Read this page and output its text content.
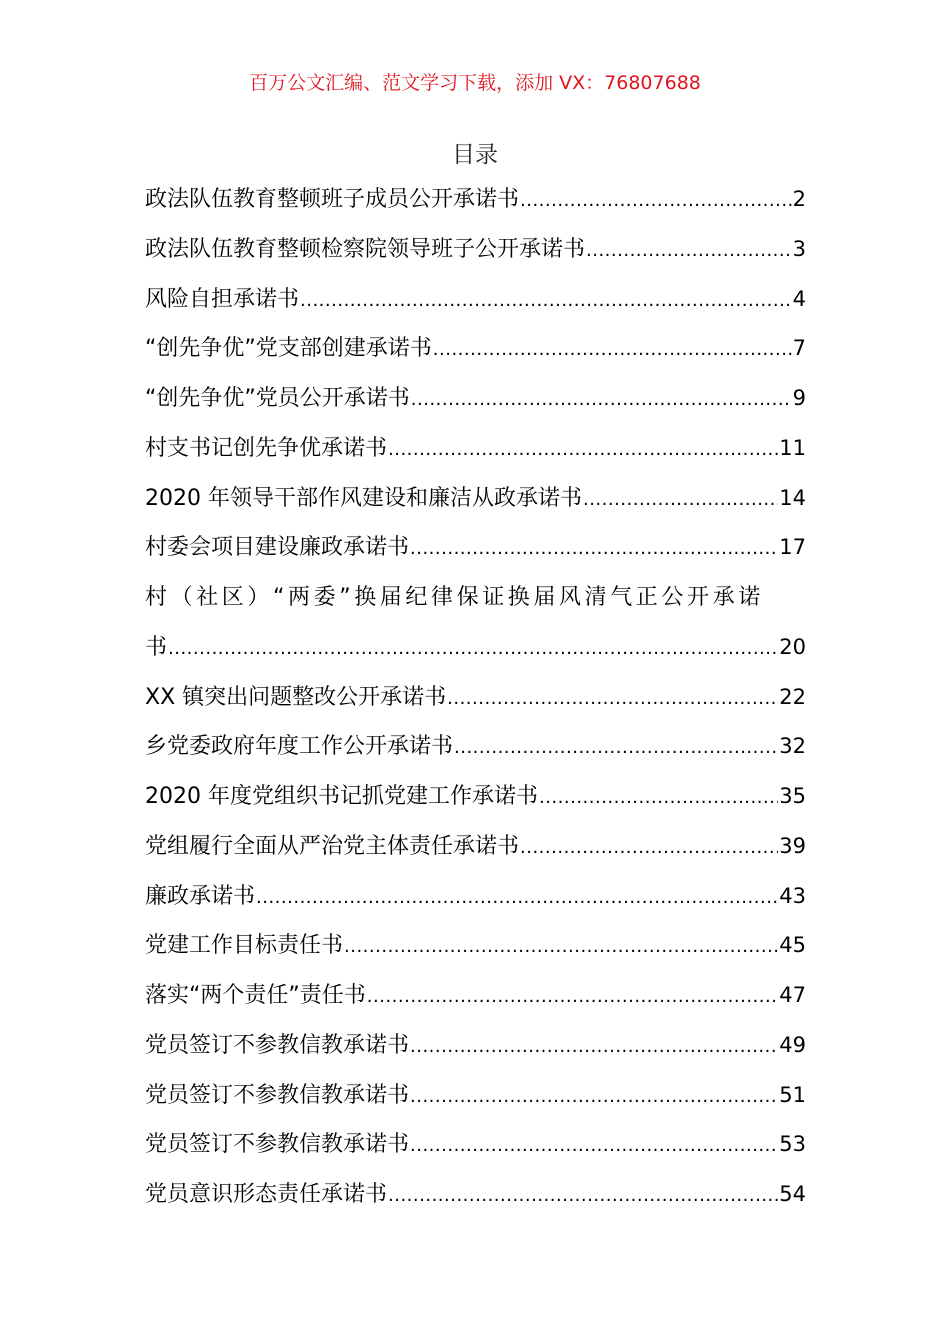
百万公文汇编、范文学习下载，添加 VX：76807688
目录
政法队伍教育整顿班子成员公开承诺书 .....	2
政法队伍教育整顿检察院领导班子公开承诺书 .....	3
风险自担承诺书 .....	4
“创先争优”党支部创建承诺书 .....	7
“创先争优”党员公开承诺书 .....	9
村支书记创先争优承诺书 .....	11
2020 年领导干部作风建设和廉洁从政承诺书 .....	14
村委会项目建设廉政承诺书 .....	17
村（社区）“两委”换届纪律保证换届风清气正公开承诺
书 .....	20
XX 镇突出问题整改公开承诺书 .....	22
乡党委政府年度工作公开承诺书 .....	32
2020 年度党组织书记抓党建工作承诺书 .....	35
党组履行全面从严治党主体责任承诺书 .....	39
廉政承诺书 .....	43
党建工作目标责任书 .....	45
落实“两个责任”责任书 .....	47
党员签订不参教信教承诺书 .....	49
党员签订不参教信教承诺书 .....	51
党员签订不参教信教承诺书 .....	53
党员意识形态责任承诺书 .....	54
